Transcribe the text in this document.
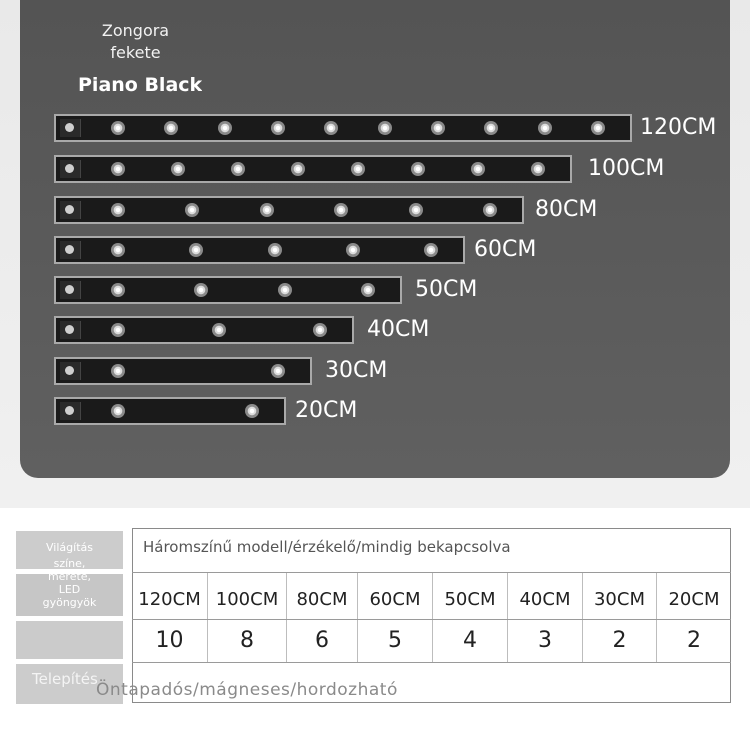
Zongora
fekete
Piano Black
120CM
100CM
80CM
60CM
50CM
40CM
30CM
20CM
Világítás
színe,
mérete,
LED
gyöngyök
Telepítés
Háromszínű modell/érzékelő/mindig bekapcsolva
120CM 100CM	80CM	60CM	50CM	40CM	30CM	20CM
10	8	6	5	4	3	2	2
Öntapadós/mágneses/hordozható
